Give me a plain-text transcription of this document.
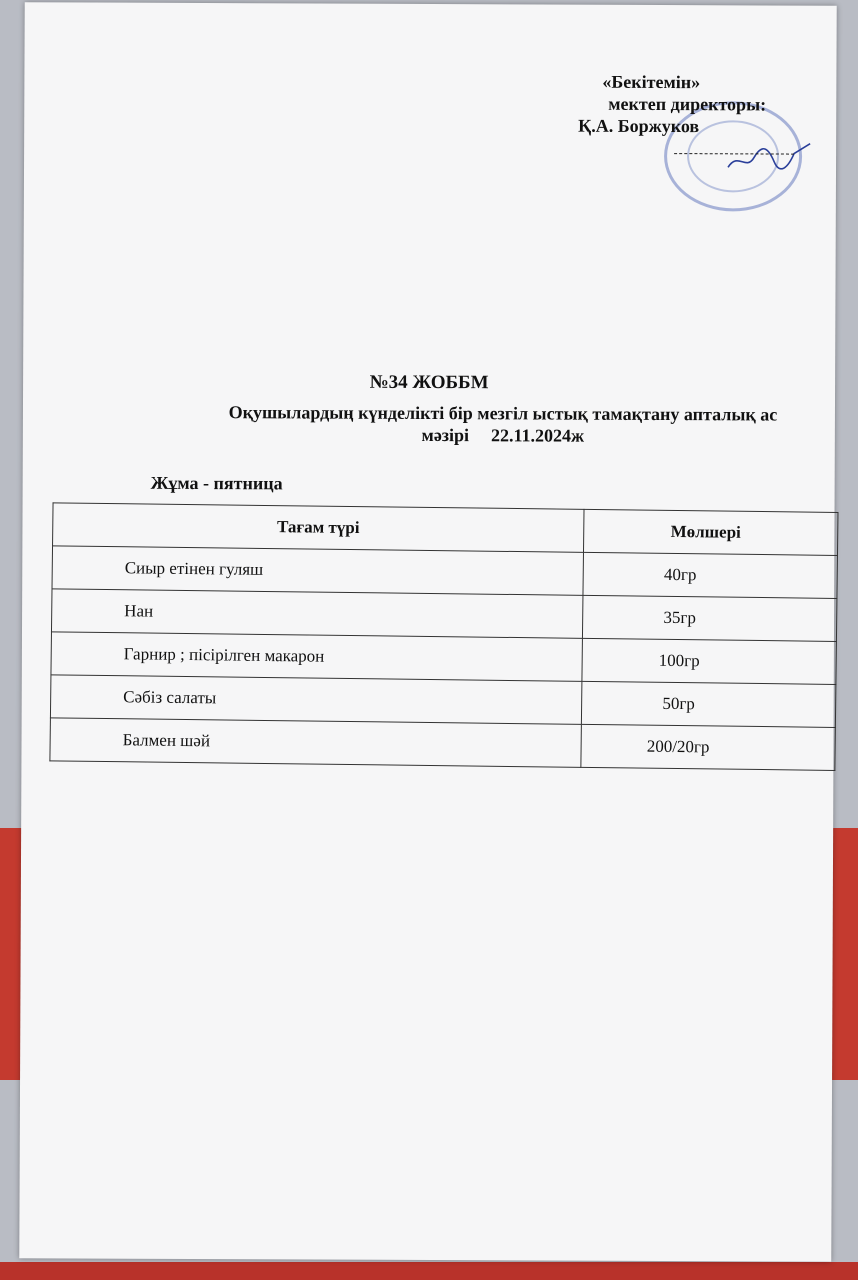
«Бекітемін»
мектеп директоры:
Қ.А. Боржуков
№34 ЖОББМ
Оқушылардың күнделікті бір мезгіл ыстық тамақтану апталық ас
мәзірі 22.11.2024ж
Жұма - пятница
Тағам түрі	Мөлшері
Сиыр етінен гуляш	40гр
Нан	35гр
Гарнир ; пісірілген макарон	100гр
Сәбіз салаты	50гр
Балмен шәй	200/20гр
